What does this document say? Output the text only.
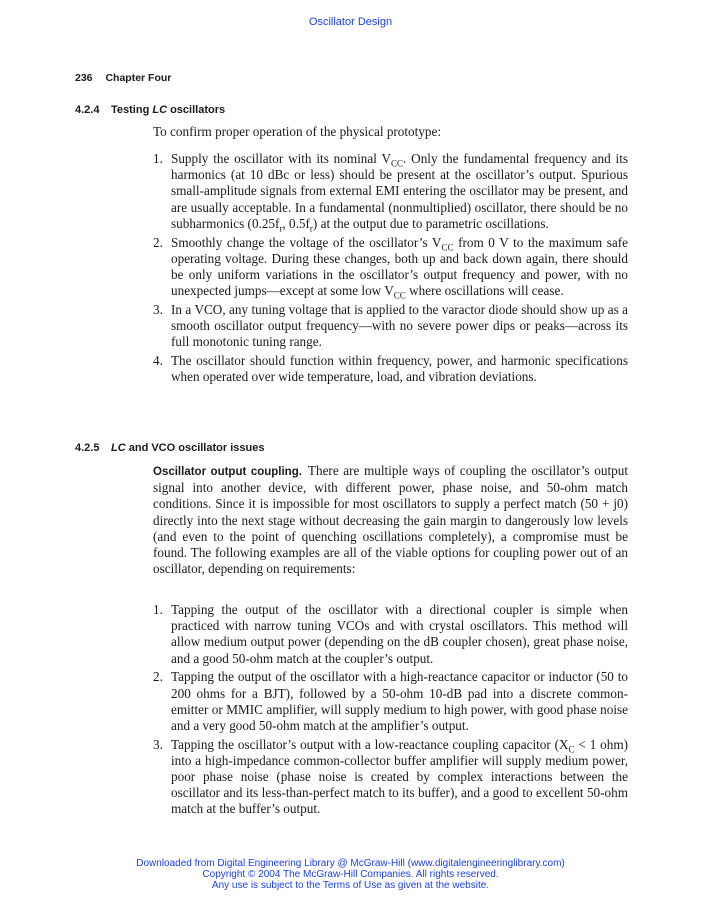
Oscillator Design
236 Chapter Four
4.2.4 Testing LC oscillators
To confirm proper operation of the physical prototype:
1. Supply the oscillator with its nominal $V_{CC}$. Only the fundamental frequency and its harmonics (at 10 dBc or less) should be present at the oscillator’s output. Spurious small-amplitude signals from external EMI entering the oscillator may be present, and are usually acceptable. In a fundamental (nonmultiplied) oscillator, there should be no subharmonics ($0.25f_r$, $0.5f_r$) at the output due to parametric oscillations.
2. Smoothly change the voltage of the oscillator’s $V_{CC}$ from 0 V to the maximum safe operating voltage. During these changes, both up and back down again, there should be only uniform variations in the oscillator’s output frequency and power, with no unexpected jumps—except at some low $V_{CC}$ where oscillations will cease.
3. In a VCO, any tuning voltage that is applied to the varactor diode should show up as a smooth oscillator output frequency—with no severe power dips or peaks—across its full monotonic tuning range.
4. The oscillator should function within frequency, power, and harmonic specifications when operated over wide temperature, load, and vibration deviations.
4.2.5 LC and VCO oscillator issues
Oscillator output coupling. There are multiple ways of coupling the oscillator’s output signal into another device, with different power, phase noise, and 50-ohm match conditions. Since it is impossible for most oscillators to supply a perfect match (50 + j0) directly into the next stage without decreasing the gain margin to dangerously low levels (and even to the point of quenching oscillations completely), a compromise must be found. The following examples are all of the viable options for coupling power out of an oscillator, depending on requirements:
1. Tapping the output of the oscillator with a directional coupler is simple when practiced with narrow tuning VCOs and with crystal oscillators. This method will allow medium output power (depending on the dB coupler chosen), great phase noise, and a good 50-ohm match at the coupler’s output.
2. Tapping the output of the oscillator with a high-reactance capacitor or inductor (50 to 200 ohms for a BJT), followed by a 50-ohm 10-dB pad into a discrete common-emitter or MMIC amplifier, will supply medium to high power, with good phase noise and a very good 50-ohm match at the amplifier’s output.
3. Tapping the oscillator’s output with a low-reactance coupling capacitor ($X_C < 1$ ohm) into a high-impedance common-collector buffer amplifier will supply medium power, poor phase noise (phase noise is created by complex interactions between the oscillator and its less-than-perfect match to its buffer), and a good to excellent 50-ohm match at the buffer’s output.
Downloaded from Digital Engineering Library @ McGraw-Hill (www.digitalengineeringlibrary.com)
Copyright © 2004 The McGraw-Hill Companies. All rights reserved.
Any use is subject to the Terms of Use as given at the website.
